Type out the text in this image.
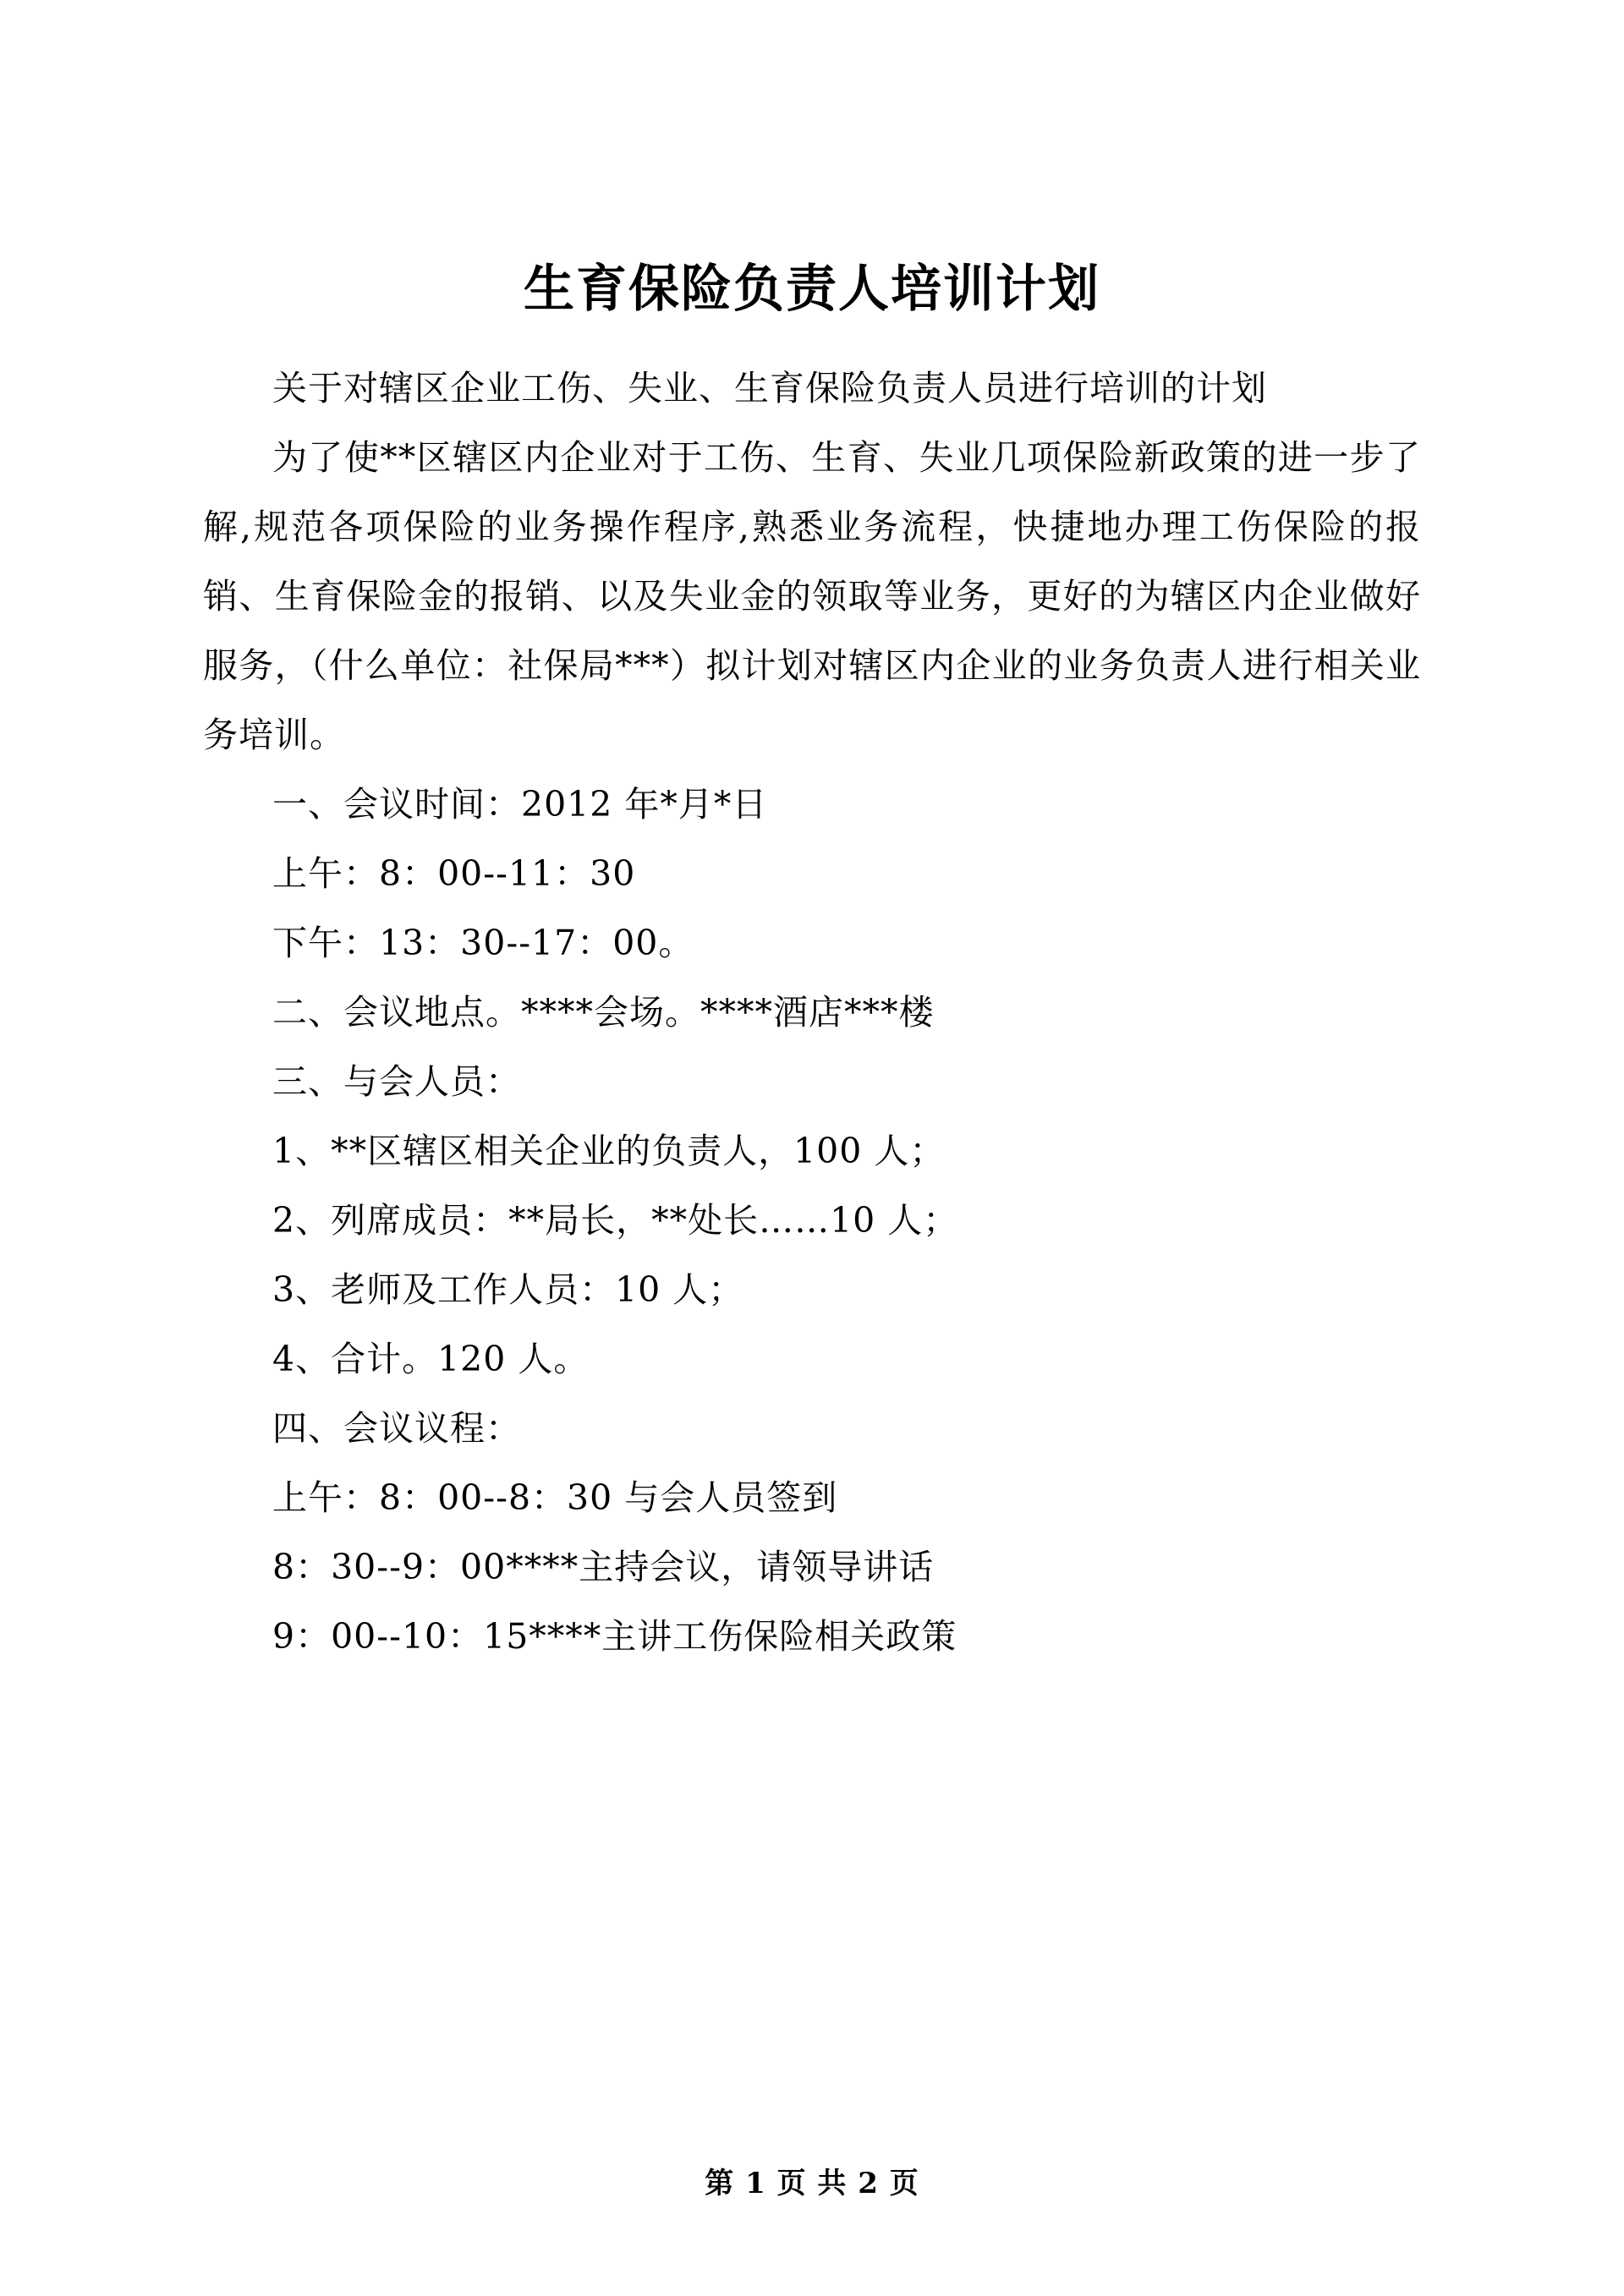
生育保险负责人培训计划

关于对辖区企业工伤、失业、生育保险负责人员进行培训的计划

为了使**区辖区内企业对于工伤、生育、失业几项保险新政策的进一步了解,规范各项保险的业务操作程序,熟悉业务流程，快捷地办理工伤保险的报销、生育保险金的报销、以及失业金的领取等业务，更好的为辖区内企业做好服务，（什么单位：社保局***）拟计划对辖区内企业的业务负责人进行相关业务培训。

一、会议时间：2012 年*月*日

上午：8：00--11：30

下午：13：30--17：00。

二、会议地点。****会场。****酒店***楼

三、与会人员：

1、**区辖区相关企业的负责人，100 人；

2、列席成员：**局长，**处长……10 人；

3、老师及工作人员：10 人；

4、合计。120 人。

四、会议议程：

上午：8：00--8：30 与会人员签到

8：30--9：00****主持会议，请领导讲话

9：00--10：15****主讲工伤保险相关政策

第 1 页 共 2 页
